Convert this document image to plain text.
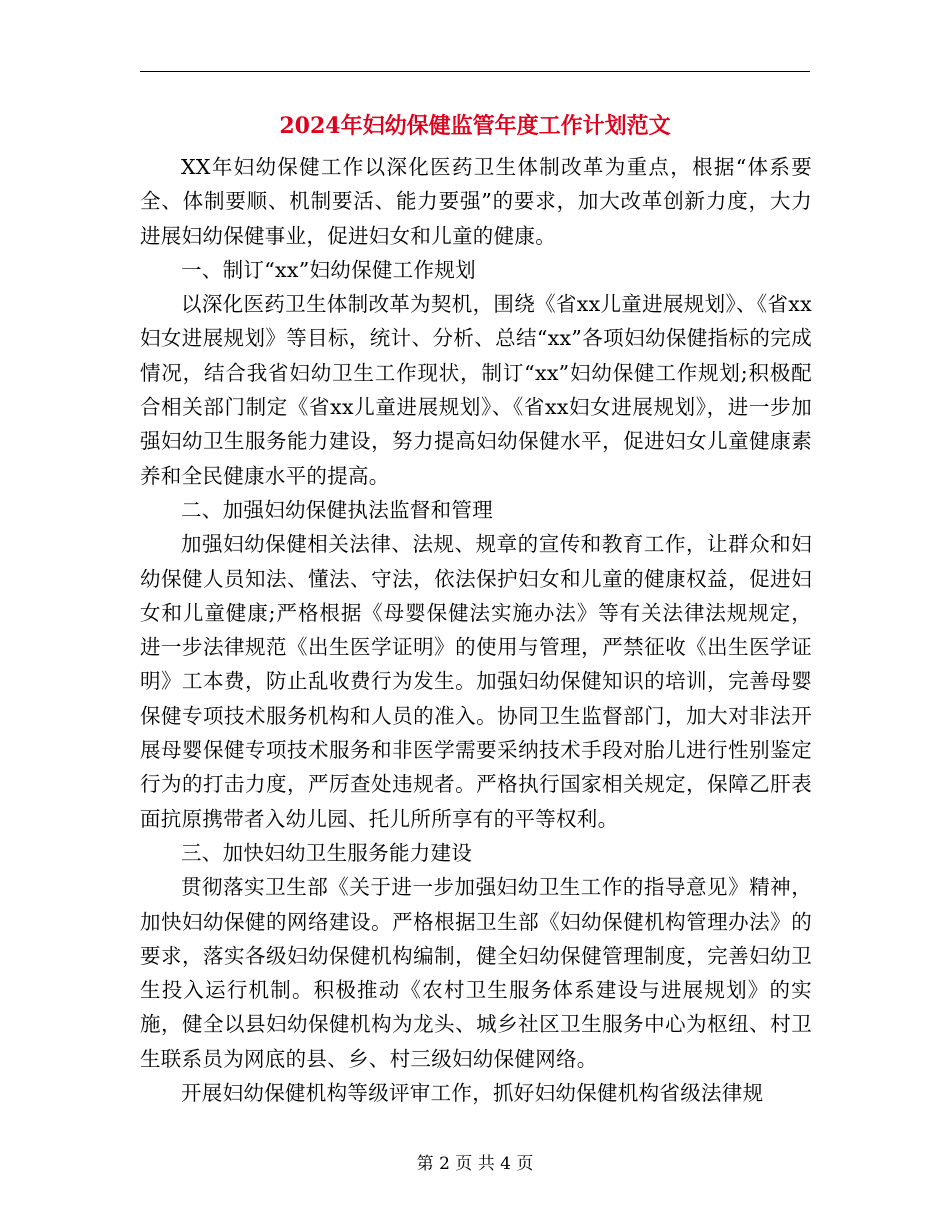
2024年妇幼保健监管年度工作计划范文

XX年妇幼保健工作以深化医药卫生体制改革为重点，根据“体系要全、体制要顺、机制要活、能力要强”的要求，加大改革创新力度，大力进展妇幼保健事业，促进妇女和儿童的健康。

一、制订“xx”妇幼保健工作规划

以深化医药卫生体制改革为契机，围绕《省xx儿童进展规划》、《省xx妇女进展规划》等目标，统计、分析、总结“xx”各项妇幼保健指标的完成情况，结合我省妇幼卫生工作现状，制订“xx”妇幼保健工作规划;积极配合相关部门制定《省xx儿童进展规划》、《省xx妇女进展规划》，进一步加强妇幼卫生服务能力建设，努力提高妇幼保健水平，促进妇女儿童健康素养和全民健康水平的提高。

二、加强妇幼保健执法监督和管理

加强妇幼保健相关法律、法规、规章的宣传和教育工作，让群众和妇幼保健人员知法、懂法、守法，依法保护妇女和儿童的健康权益，促进妇女和儿童健康;严格根据《母婴保健法实施办法》等有关法律法规规定，进一步法律规范《出生医学证明》的使用与管理，严禁征收《出生医学证明》工本费，防止乱收费行为发生。加强妇幼保健知识的培训，完善母婴保健专项技术服务机构和人员的准入。协同卫生监督部门，加大对非法开展母婴保健专项技术服务和非医学需要采纳技术手段对胎儿进行性别鉴定行为的打击力度，严厉查处违规者。严格执行国家相关规定，保障乙肝表面抗原携带者入幼儿园、托儿所所享有的平等权利。

三、加快妇幼卫生服务能力建设

贯彻落实卫生部《关于进一步加强妇幼卫生工作的指导意见》精神，加快妇幼保健的网络建设。严格根据卫生部《妇幼保健机构管理办法》的要求，落实各级妇幼保健机构编制，健全妇幼保健管理制度，完善妇幼卫生投入运行机制。积极推动《农村卫生服务体系建设与进展规划》的实施，健全以县妇幼保健机构为龙头、城乡社区卫生服务中心为枢纽、村卫生联系员为网底的县、乡、村三级妇幼保健网络。

开展妇幼保健机构等级评审工作，抓好妇幼保健机构省级法律规

第 2 页 共 4 页
